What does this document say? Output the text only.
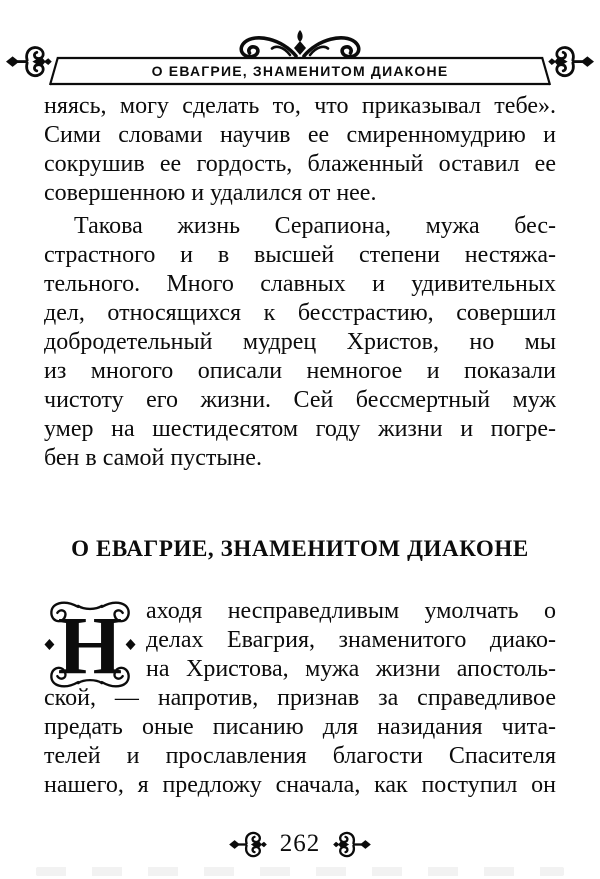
О ЕВАГРИЕ, ЗНАМЕНИТОМ ДИАКОНЕ
няясь, могу сделать то, что приказывал тебе».
Сими словами научив ее смиренномудрию и
сокрушив ее гордость, блаженный оставил ее
совершенною и удалился от нее.
Такова жизнь Серапиона, мужа бес-
страстного и в высшей степени нестяжа-
тельного. Много славных и удивительных
дел, относящихся к бесстрастию, совершил
добродетельный мудрец Христов, но мы
из многого описали немногое и показали
чистоту его жизни. Сей бессмертный муж
умер на шестидесятом году жизни и погре-
бен в самой пустыне.
О ЕВАГРИЕ, ЗНАМЕНИТОМ ДИАКОНЕ
Н аходя несправедливым умолчать о
делах Евагрия, знаменитого диако-
на Христова, мужа жизни апостоль-
ской, — напротив, признав за справедливое
предать оные писанию для назидания чита-
телей и прославления благости Спасителя
нашего, я предложу сначала, как поступил он
262
